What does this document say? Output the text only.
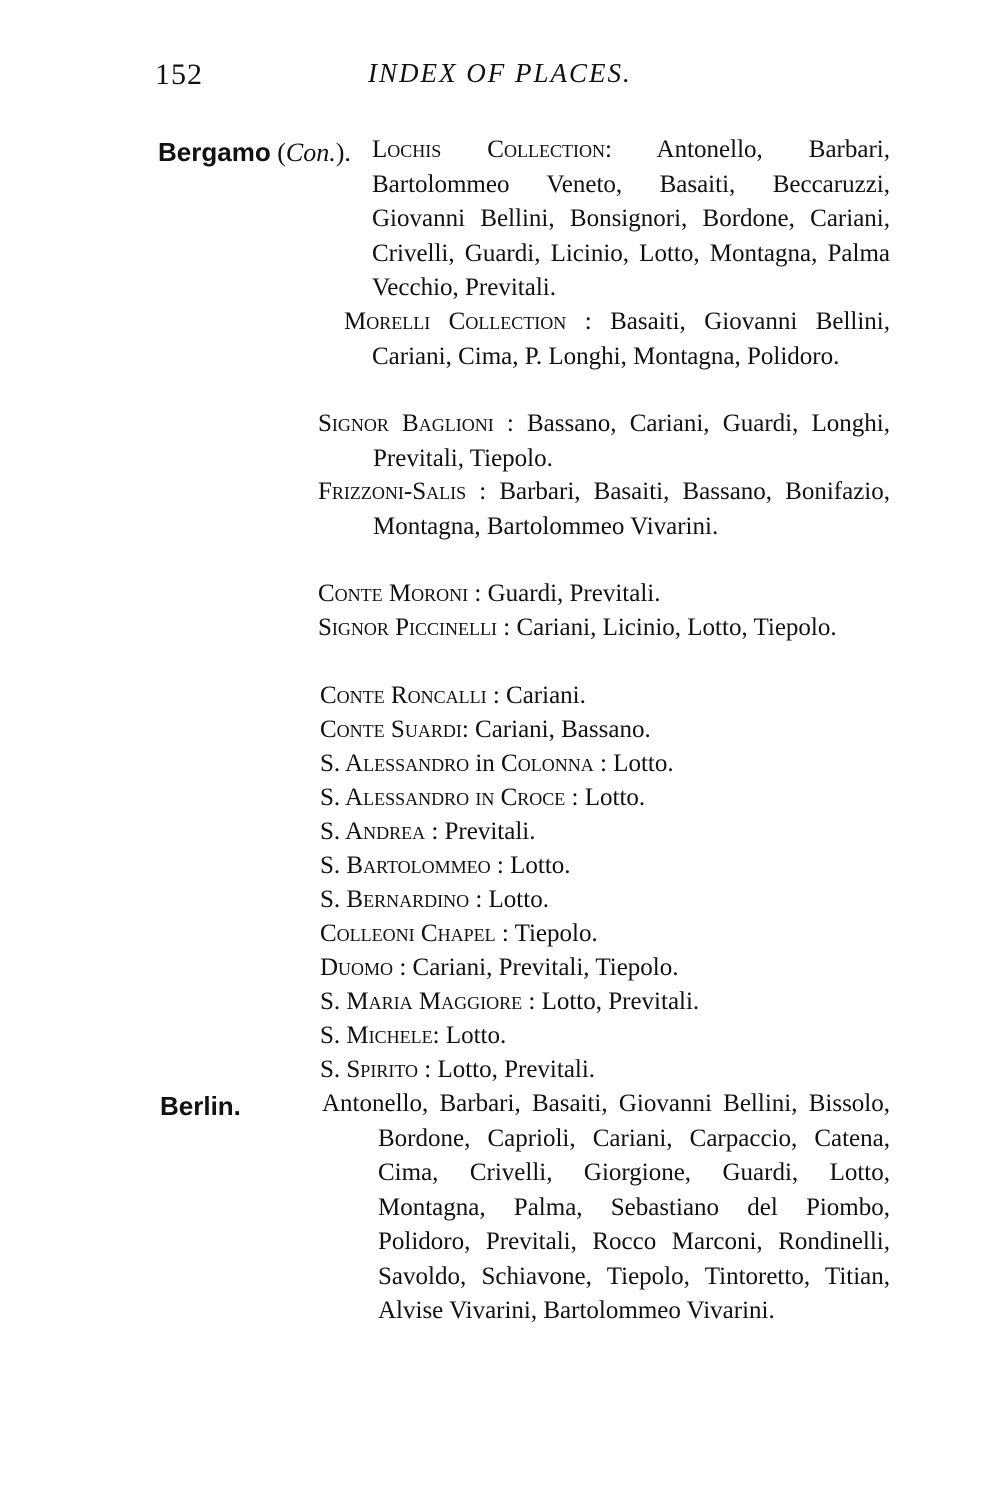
152	INDEX OF PLACES.
Bergamo (Con.). Lochis Collection: Antonello, Barbari, Bartolommeo Veneto, Basaiti, Beccaruzzi, Giovanni Bellini, Bonsignori, Bordone, Cariani, Crivelli, Guardi, Licinio, Lotto, Montagna, Palma Vecchio, Previtali.
Morelli Collection : Basaiti, Giovanni Bellini, Cariani, Cima, P. Longhi, Montagna, Polidoro.
Signor Baglioni : Bassano, Cariani, Guardi, Longhi, Previtali, Tiepolo.
Frizzoni-Salis : Barbari, Basaiti, Bassano, Bonifazio, Montagna, Bartolommeo Vivarini.
Conte Moroni : Guardi, Previtali.
Signor Piccinelli : Cariani, Licinio, Lotto, Tiepolo.
Conte Roncalli : Cariani.
Conte Suardi: Cariani, Bassano.
S. Alessandro in Colonna : Lotto.
S. Alessandro in Croce : Lotto.
S. Andrea : Previtali.
S. Bartolommeo : Lotto.
S. Bernardino : Lotto.
Colleoni Chapel : Tiepolo.
Duomo : Cariani, Previtali, Tiepolo.
S. Maria Maggiore : Lotto, Previtali.
S. Michele: Lotto.
S. Spirito : Lotto, Previtali.
Berlin.	Antonello, Barbari, Basaiti, Giovanni Bellini, Bissolo, Bordone, Caprioli, Cariani, Carpaccio, Catena, Cima, Crivelli, Giorgione, Guardi, Lotto, Montagna, Palma, Sebastiano del Piombo, Polidoro, Previtali, Rocco Marconi, Rondinelli, Savoldo, Schiavone, Tiepolo, Tintoretto, Titian, Alvise Vivarini, Bartolommeo Vivarini.
